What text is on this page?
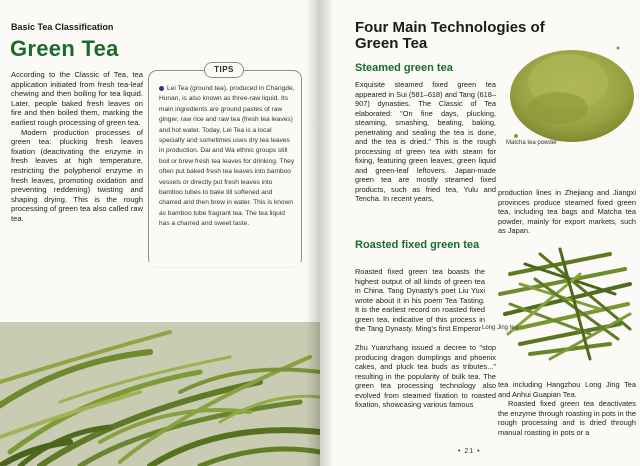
Basic Tea Classification
Green Tea

According to the Classic of Tea, tea application initiated from fresh tea-leaf chewing and then boiling for tea liquid. Later, people baked fresh leaves on fire and then boiled them, marking the earliest rough processing of green tea.

Modern production processes of green tea: plucking fresh leaves fixation (deactivating the enzyme in fresh leaves at high temperature, restricting the polyphenol enzyme in fresh leaves, promoting oxidation and preventing reddening) twisting and shaping drying. This is the rough processing of green tea also called raw tea.

TIPS
Lei Tea (ground tea), produced in Changde, Hunan, is also known as three-raw liquid. Its main ingredients are ground pastes of raw ginger, raw rice and raw tea (fresh tea leaves) and hot water. Today, Lei Tea is a local specialty and sometimes uses dry tea leaves in production. Dai and Wa ethnic groups still boil or brew fresh tea leaves for drinking. They often put baked fresh tea leaves into bamboo vessels or directly put fresh leaves into bamboo tubes to bake till softened and charred and then brew in water. This is known as bamboo tube fragrant tea. The tea liquid has a charred and sweet taste.
Four Main Technologies of Green Tea
Matcha tea powder
Steamed green tea
Exquisite steamed fixed green tea appeared in Sui (581–618) and Tang (618–907) dynasties. The Classic of Tea elaborated: "On fine days, plucking, steaming, smashing, beating, baking, penetrating and sealing the tea is done, and the tea is dried." This is the rough processing of green tea with steam for fixing, featuring green leaves, green liquid and green-leaf leftovers. Japan-made green tea are mostly steamed fixed products, such as fried tea, Yulu and Tencha. In recent years,
production lines in Zhejiang and Jiangxi provinces produce steamed fixed green tea, including tea bags and Matcha tea powder, mainly for export markets, such as Japan.
Roasted fixed green tea
Roasted fixed green tea boasts the highest output of all kinds of green tea in China. Tang Dynasty's poet Liu Yuxi wrote about it in his poem Tea Tasting. It is the earliest record on roasted fixed green tea, indicative of this process in the Tang Dynasty. Ming's first Emperor
Zhu Yuanzhang issued a decree to "stop producing dragon dumplings and phoenix cakes, and pluck tea buds as tributes..." resulting in the popularity of bulk tea. The green tea processing technology also evolved from steamed fixation to roasted fixation, showcasing various famous
Long Jing tea

tea including Hangzhou Long Jing Tea and Anhui Guapian Tea.

Roasted fixed green tea deactivates the enzyme through roasting in pots in the rough processing and is dried through manual roasting in pots or a

• 21 •
